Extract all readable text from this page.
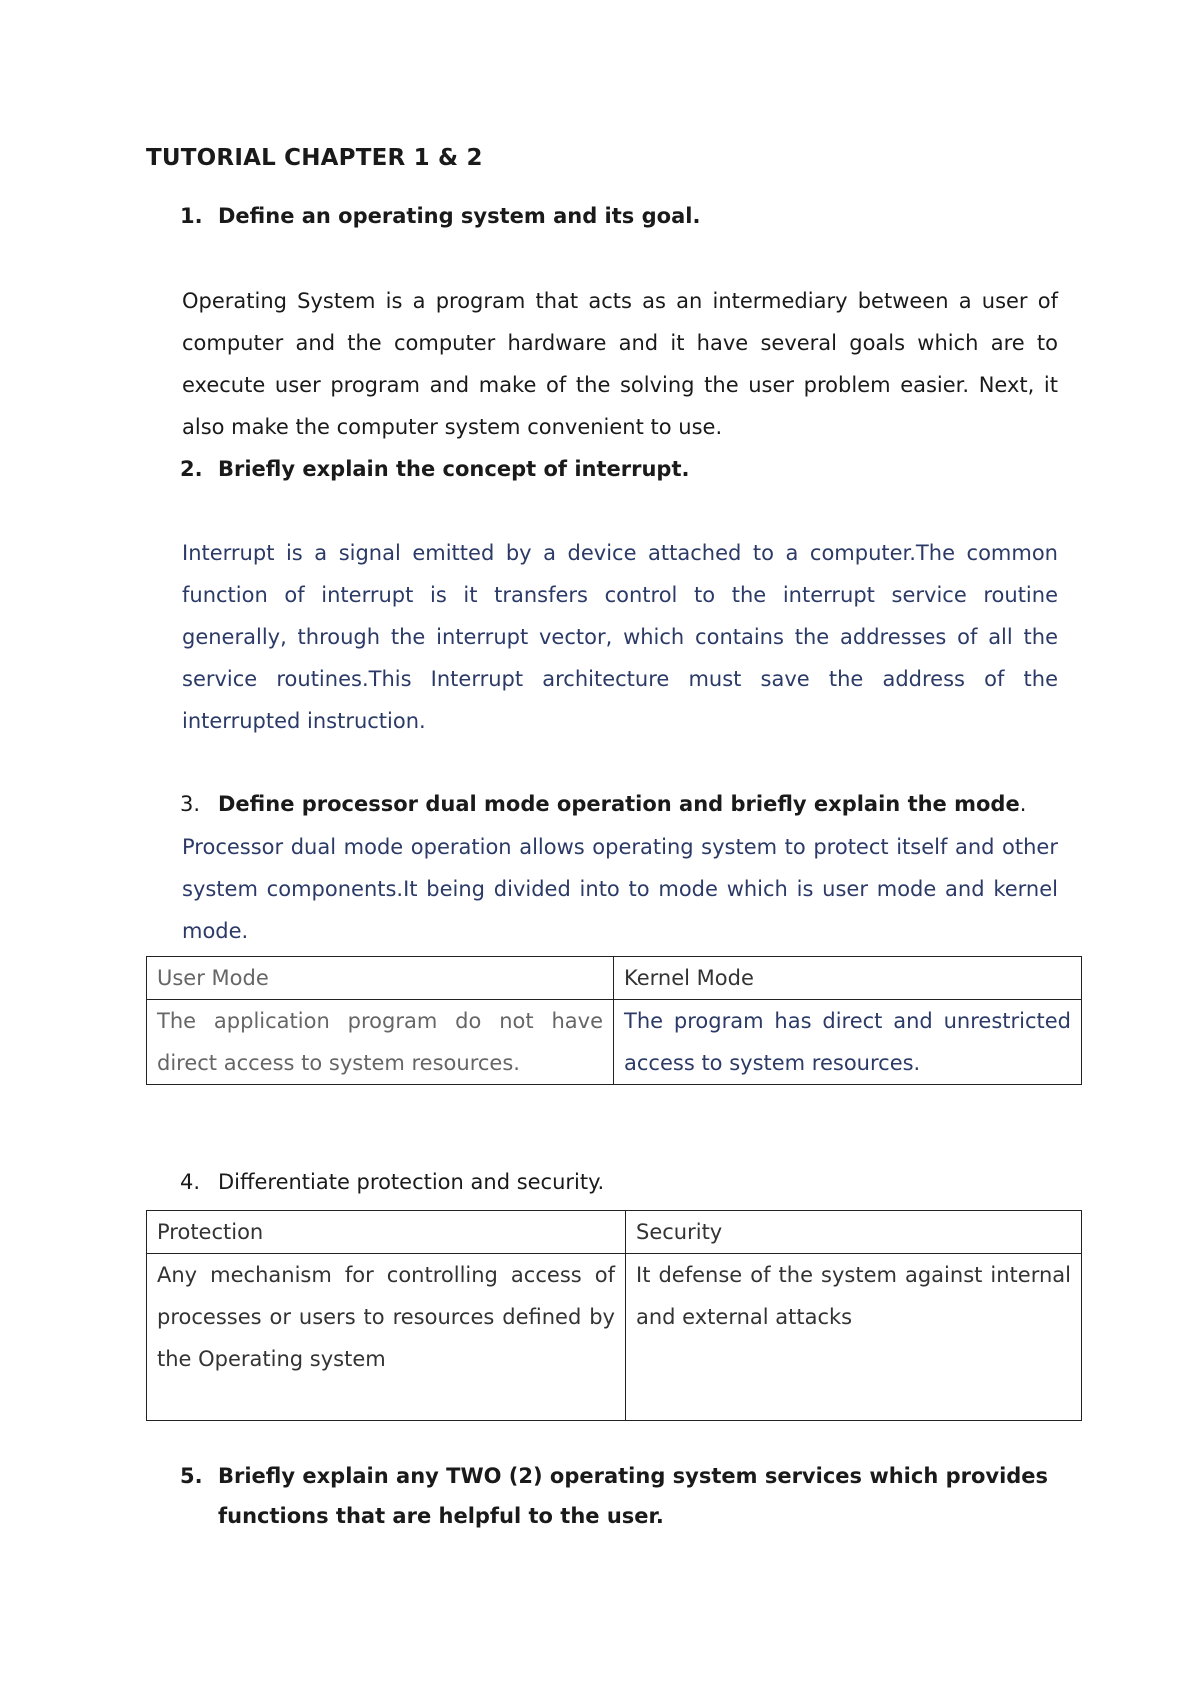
TUTORIAL CHAPTER 1 & 2
1. Define an operating system and its goal.
Operating System is a program that acts as an intermediary between a user of computer and the computer hardware and it have several goals which are to execute user program and make of the solving the user problem easier. Next, it also make the computer system convenient to use.
2. Briefly explain the concept of interrupt.
Interrupt is a signal emitted by a device attached to a computer.The common function of interrupt is it transfers control to the interrupt service routine generally, through the interrupt vector, which contains the addresses of all the service routines.This Interrupt architecture must save the address of the interrupted instruction.
3. Define processor dual mode operation and briefly explain the mode.
Processor dual mode operation allows operating system to protect itself and other system components.It being divided into to mode which is user mode and kernel mode.
User Mode	Kernel Mode
The application program do not have direct access to system resources.	The program has direct and unrestricted access to system resources.
4. Differentiate protection and security.
Protection	Security
Any mechanism for controlling access of processes or users to resources defined by the Operating system	It defense of the system against internal and external attacks
5. Briefly explain any TWO (2) operating system services which provides
functions that are helpful to the user.
